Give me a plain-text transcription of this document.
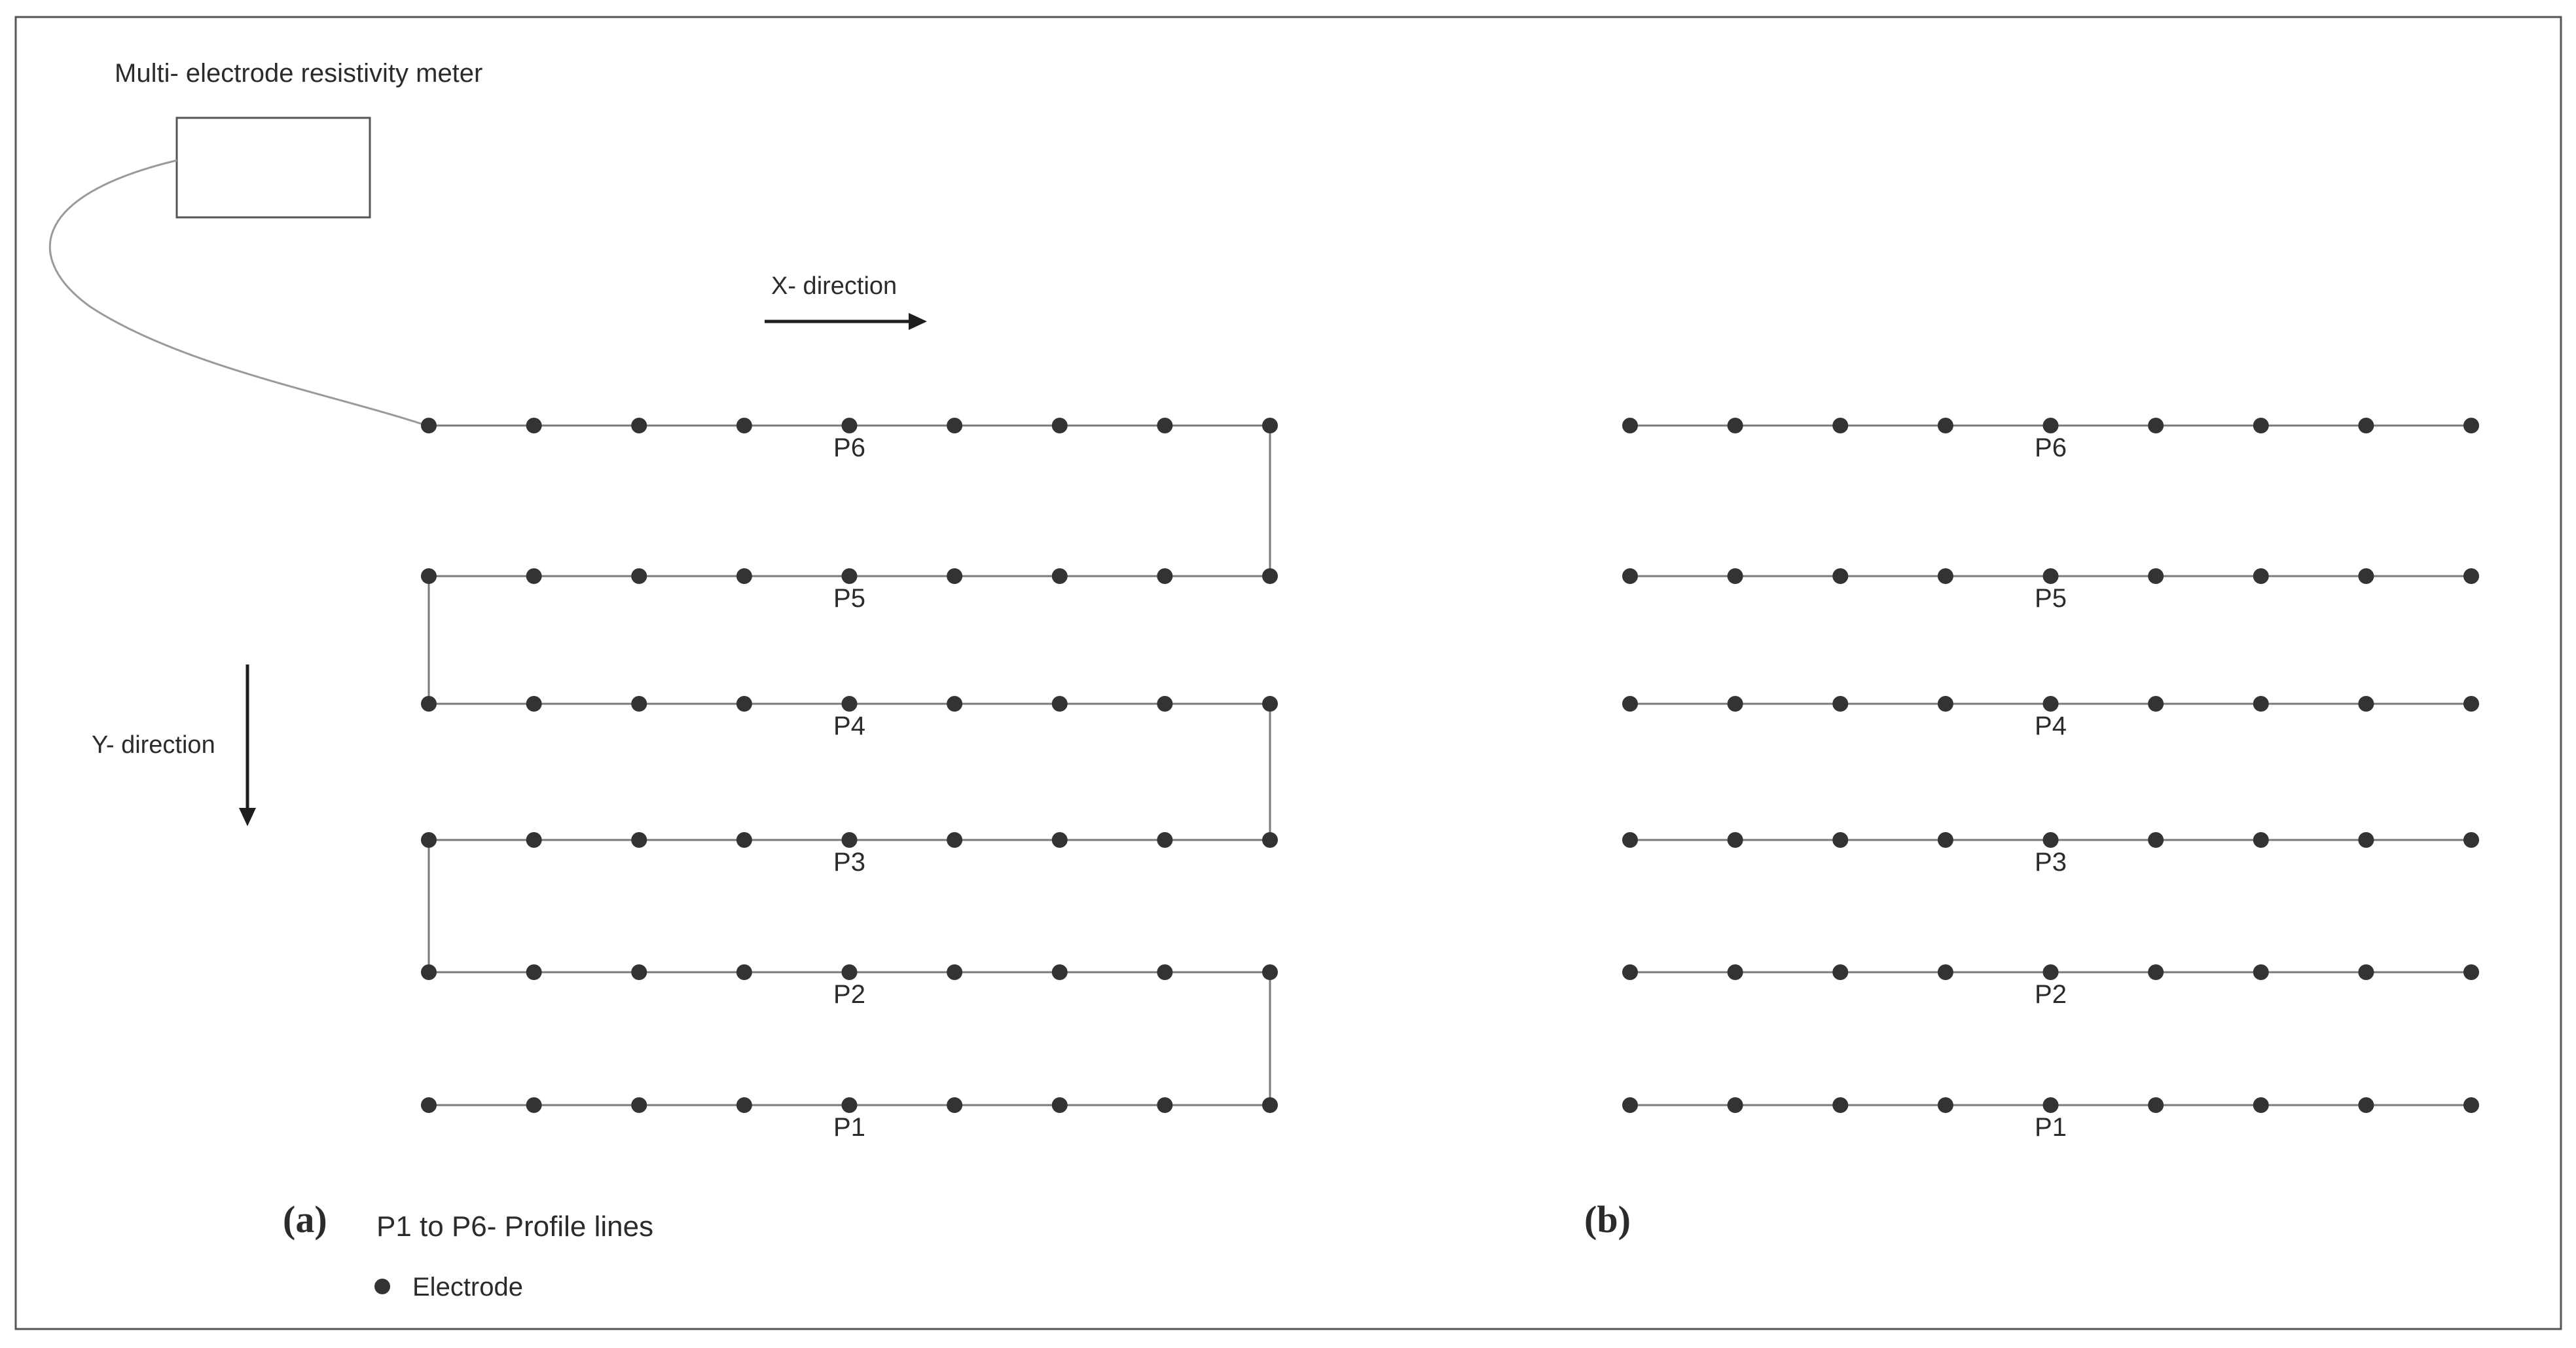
Multi- electrode resistivity meter
X- direction
Y- direction
P6
P5
P4
P3
P2
P1
(a) P1 to P6- Profile lines
Electrode
P6
P5
P4
P3
P2
P1
(b)
